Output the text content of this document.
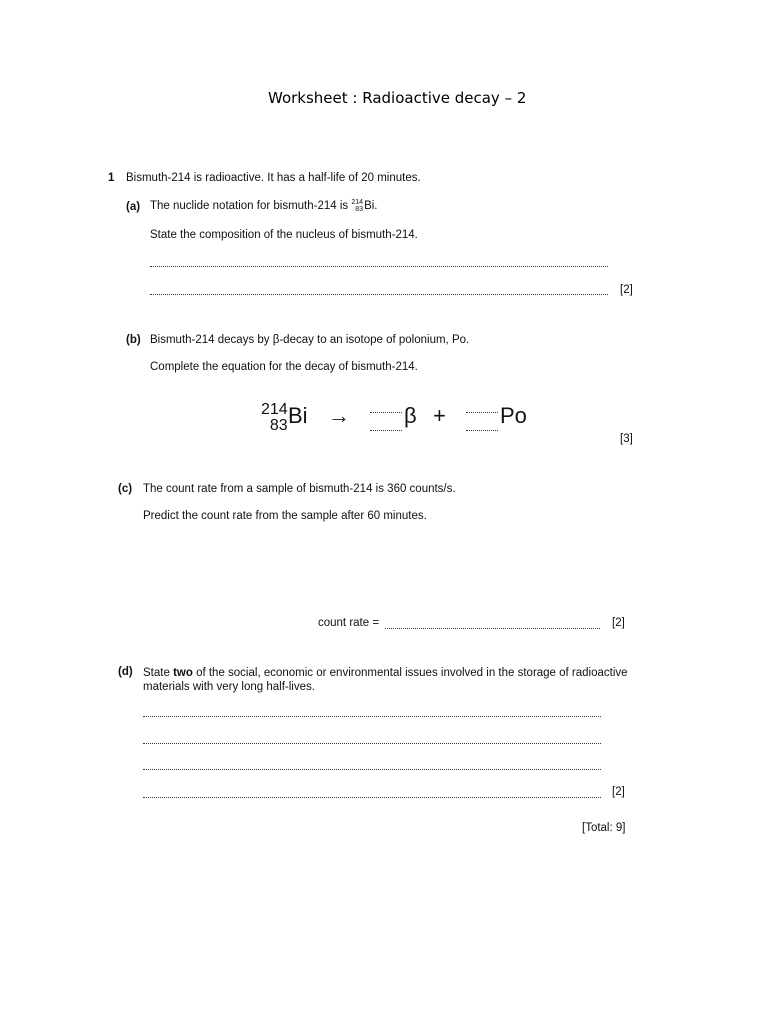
Worksheet : Radioactive decay – 2
1 Bismuth-214 is radioactive. It has a half-life of 20 minutes.
(a) The nuclide notation for bismuth-214 is 214
83 Bi.
State the composition of the nucleus of bismuth-214.
[2]
(b) Bismuth-214 decays by β-decay to an isotope of polonium, Po.
Complete the equation for the decay of bismuth-214.
214
83 Bi → β + Po
[3]
(c) The count rate from a sample of bismuth-214 is 360 counts/s.
Predict the count rate from the sample after 60 minutes.
count rate =	[2]
(d) State two of the social, economic or environmental issues involved in the storage of radioactive materials with very long half-lives.
[2]
[Total: 9]
